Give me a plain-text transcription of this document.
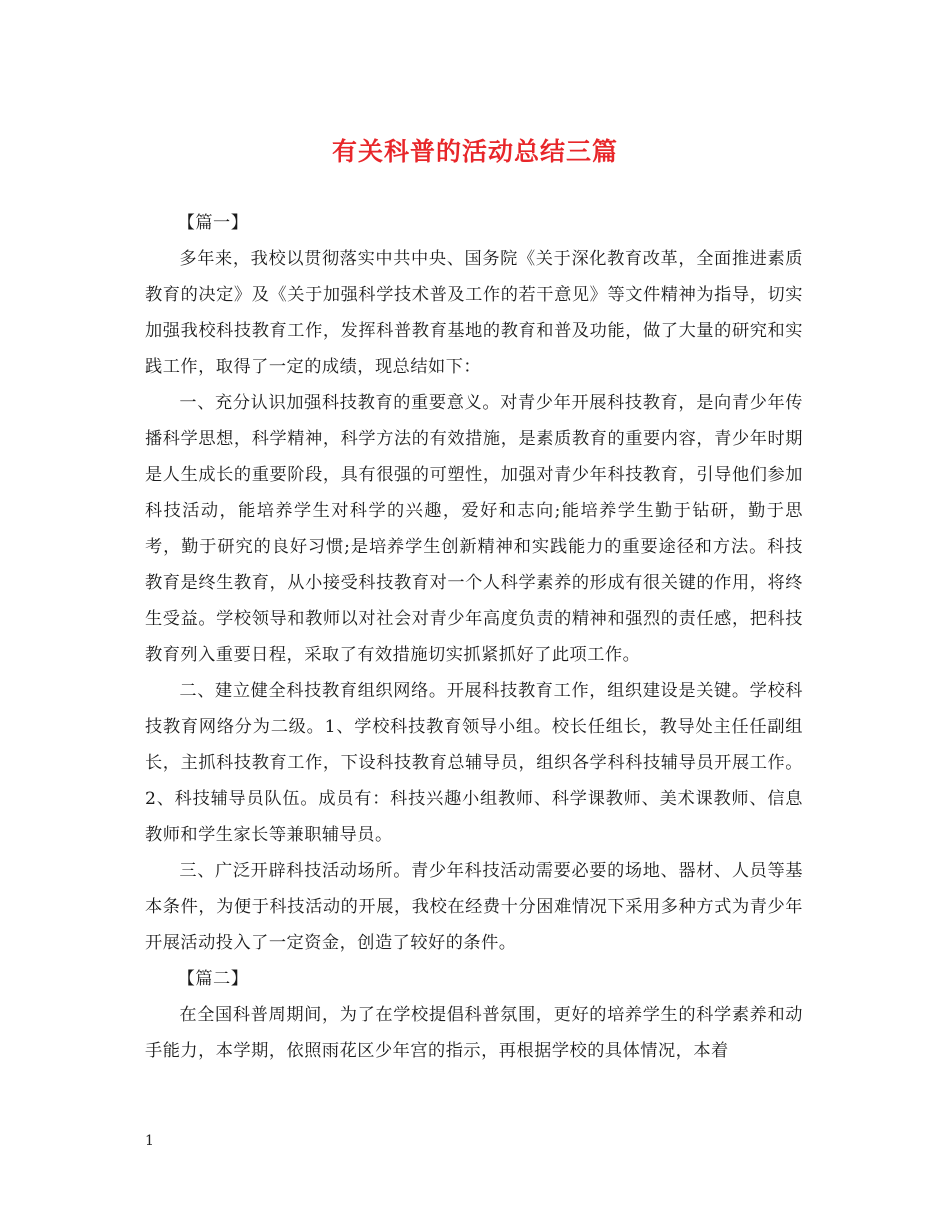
有关科普的活动总结三篇

【篇一】

多年来，我校以贯彻落实中共中央、国务院《关于深化教育改革，全面推进素质教育的决定》及《关于加强科学技术普及工作的若干意见》等文件精神为指导，切实加强我校科技教育工作，发挥科普教育基地的教育和普及功能，做了大量的研究和实践工作，取得了一定的成绩，现总结如下：

一、充分认识加强科技教育的重要意义。对青少年开展科技教育，是向青少年传播科学思想，科学精神，科学方法的有效措施，是素质教育的重要内容，青少年时期是人生成长的重要阶段，具有很强的可塑性，加强对青少年科技教育，引导他们参加科技活动，能培养学生对科学的兴趣，爱好和志向;能培养学生勤于钻研，勤于思考，勤于研究的良好习惯;是培养学生创新精神和实践能力的重要途径和方法。科技教育是终生教育，从小接受科技教育对一个人科学素养的形成有很关键的作用，将终生受益。学校领导和教师以对社会对青少年高度负责的精神和强烈的责任感，把科技教育列入重要日程，采取了有效措施切实抓紧抓好了此项工作。

二、建立健全科技教育组织网络。开展科技教育工作，组织建设是关键。学校科技教育网络分为二级。1、学校科技教育领导小组。校长任组长，教导处主任任副组长，主抓科技教育工作，下设科技教育总辅导员，组织各学科科技辅导员开展工作。2、科技辅导员队伍。成员有：科技兴趣小组教师、科学课教师、美术课教师、信息教师和学生家长等兼职辅导员。

三、广泛开辟科技活动场所。青少年科技活动需要必要的场地、器材、人员等基本条件，为便于科技活动的开展，我校在经费十分困难情况下采用多种方式为青少年开展活动投入了一定资金，创造了较好的条件。

【篇二】

在全国科普周期间，为了在学校提倡科普氛围，更好的培养学生的科学素养和动手能力，本学期，依照雨花区少年宫的指示，再根据学校的具体情况，本着

1
